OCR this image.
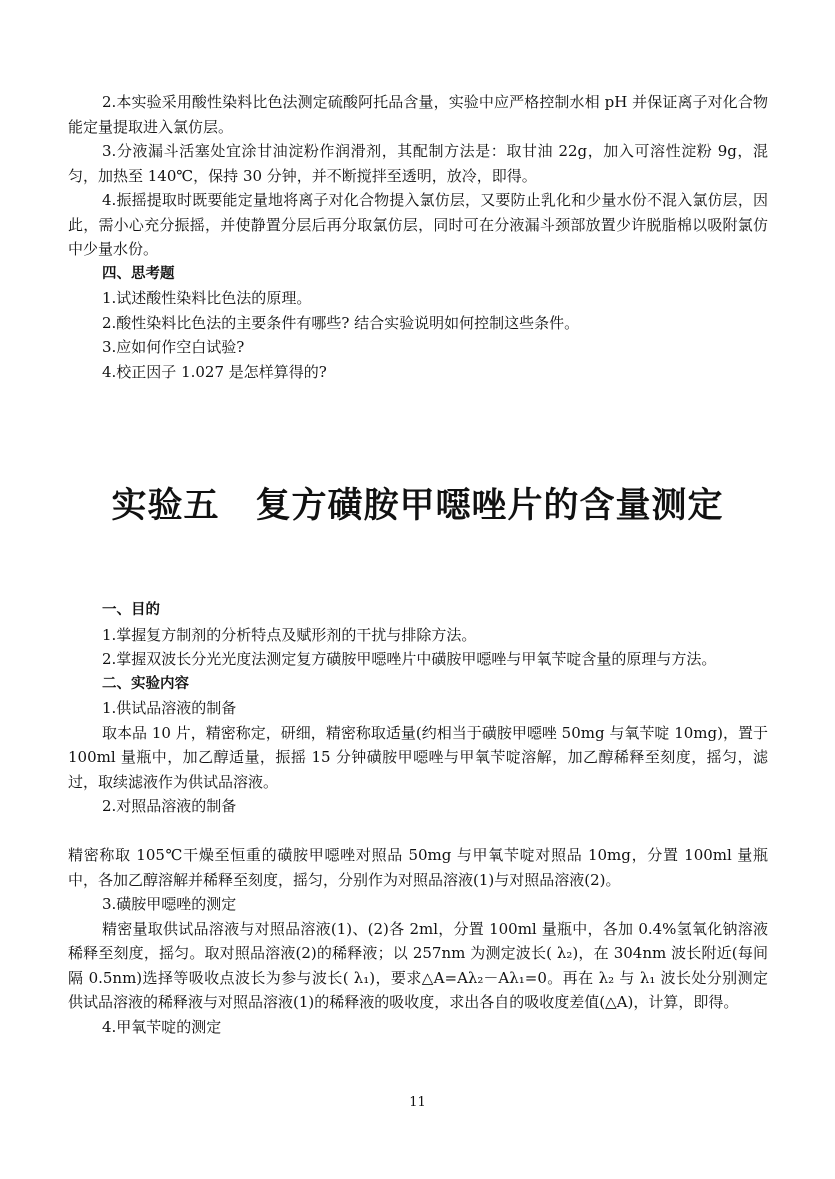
2.本实验采用酸性染料比色法测定硫酸阿托品含量，实验中应严格控制水相 pH 并保证离子对化合物能定量提取进入氯仿层。

3.分液漏斗活塞处宜涂甘油淀粉作润滑剂，其配制方法是：取甘油 22g，加入可溶性淀粉 9g，混匀，加热至 140℃，保持 30 分钟，并不断搅拌至透明，放冷，即得。

4.振摇提取时既要能定量地将离子对化合物提入氯仿层，又要防止乳化和少量水份不混入氯仿层，因此，需小心充分振摇，并使静置分层后再分取氯仿层，同时可在分液漏斗颈部放置少许脱脂棉以吸附氯仿中少量水份。

四、思考题

1.试述酸性染料比色法的原理。

2.酸性染料比色法的主要条件有哪些? 结合实验说明如何控制这些条件。

3.应如何作空白试验?

4.校正因子 1.027 是怎样算得的?

实验五　复方磺胺甲噁唑片的含量测定

一、目的

1.掌握复方制剂的分析特点及赋形剂的干扰与排除方法。

2.掌握双波长分光光度法测定复方磺胺甲噁唑片中磺胺甲噁唑与甲氧苄啶含量的原理与方法。

二、实验内容

1.供试品溶液的制备

取本品 10 片，精密称定，研细，精密称取适量(约相当于磺胺甲噁唑 50mg 与氧苄啶 10mg)，置于 100ml 量瓶中，加乙醇适量，振摇 15 分钟磺胺甲噁唑与甲氧苄啶溶解，加乙醇稀释至刻度，摇匀，滤过，取续滤液作为供试品溶液。

2.对照品溶液的制备

精密称取 105℃干燥至恒重的磺胺甲噁唑对照品 50mg 与甲氧苄啶对照品 10mg，分置 100ml 量瓶中，各加乙醇溶解并稀释至刻度，摇匀，分别作为对照品溶液(1)与对照品溶液(2)。

3.磺胺甲噁唑的测定

精密量取供试品溶液与对照品溶液(1)、(2)各 2ml，分置 100ml 量瓶中，各加 0.4%氢氧化钠溶液稀释至刻度，摇匀。取对照品溶液(2)的稀释液；以 257nm 为测定波长( λ₂)，在 304nm 波长附近(每间隔 0.5nm)选择等吸收点波长为参与波长( λ₁)，要求△A=Aλ₂－Aλ₁=0。再在 λ₂ 与 λ₁ 波长处分别测定供试品溶液的稀释液与对照品溶液(1)的稀释液的吸收度，求出各自的吸收度差值(△A)，计算，即得。

4.甲氧苄啶的测定

11
